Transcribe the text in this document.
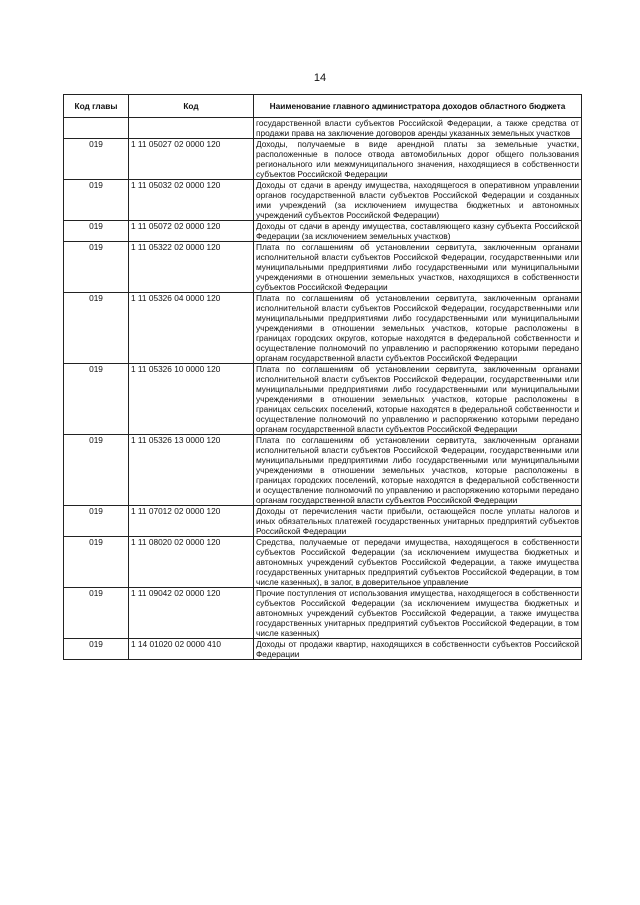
14
Код главы	Код	Наименование главного администратора доходов областного бюджета
		государственной власти субъектов Российской Федерации, а также средства от продажи права на заключение договоров аренды указанных земельных участков
019	1 11 05027 02 0000 120	Доходы, получаемые в виде арендной платы за земельные участки, расположенные в полосе отвода автомобильных дорог общего пользования регионального или межмуниципального значения, находящиеся в собственности субъектов Российской Федерации
019	1 11 05032 02 0000 120	Доходы от сдачи в аренду имущества, находящегося в оперативном управлении органов государственной власти субъектов Российской Федерации и созданных ими учреждений (за исключением имущества бюджетных и автономных учреждений субъектов Российской Федерации)
019	1 11 05072 02 0000 120	Доходы от сдачи в аренду имущества, составляющего казну субъекта Российской Федерации (за исключением земельных участков)
019	1 11 05322 02 0000 120	Плата по соглашениям об установлении сервитута, заключенным органами исполнительной власти субъектов Российской Федерации, государственными или муниципальными предприятиями либо государственными или муниципальными учреждениями в отношении земельных участков, находящихся в собственности субъектов Российской Федерации
019	1 11 05326 04 0000 120	Плата по соглашениям об установлении сервитута, заключенным органами исполнительной власти субъектов Российской Федерации, государственными или муниципальными предприятиями либо государственными или муниципальными учреждениями в отношении земельных участков, которые расположены в границах городских округов, которые находятся в федеральной собственности и осуществление полномочий по управлению и распоряжению которыми передано органам государственной власти субъектов Российской Федерации
019	1 11 05326 10 0000 120	Плата по соглашениям об установлении сервитута, заключенным органами исполнительной власти субъектов Российской Федерации, государственными или муниципальными предприятиями либо государственными или муниципальными учреждениями в отношении земельных участков, которые расположены в границах сельских поселений, которые находятся в федеральной собственности и осуществление полномочий по управлению и распоряжению которыми передано органам государственной власти субъектов Российской Федерации
019	1 11 05326 13 0000 120	Плата по соглашениям об установлении сервитута, заключенным органами исполнительной власти субъектов Российской Федерации, государственными или муниципальными предприятиями либо государственными или муниципальными учреждениями в отношении земельных участков, которые расположены в границах городских поселений, которые находятся в федеральной собственности и осуществление полномочий по управлению и распоряжению которыми передано органам государственной власти субъектов Российской Федерации
019	1 11 07012 02 0000 120	Доходы от перечисления части прибыли, остающейся после уплаты налогов и иных обязательных платежей государственных унитарных предприятий субъектов Российской Федерации
019	1 11 08020 02 0000 120	Средства, получаемые от передачи имущества, находящегося в собственности субъектов Российской Федерации (за исключением имущества бюджетных и автономных учреждений субъектов Российской Федерации, а также имущества государственных унитарных предприятий субъектов Российской Федерации, в том числе казенных), в залог, в доверительное управление
019	1 11 09042 02 0000 120	Прочие поступления от использования имущества, находящегося в собственности субъектов Российской Федерации (за исключением имущества бюджетных и автономных учреждений субъектов Российской Федерации, а также имущества государственных унитарных предприятий субъектов Российской Федерации, в том числе казенных)
019	1 14 01020 02 0000 410	Доходы от продажи квартир, находящихся в собственности субъектов Российской Федерации
